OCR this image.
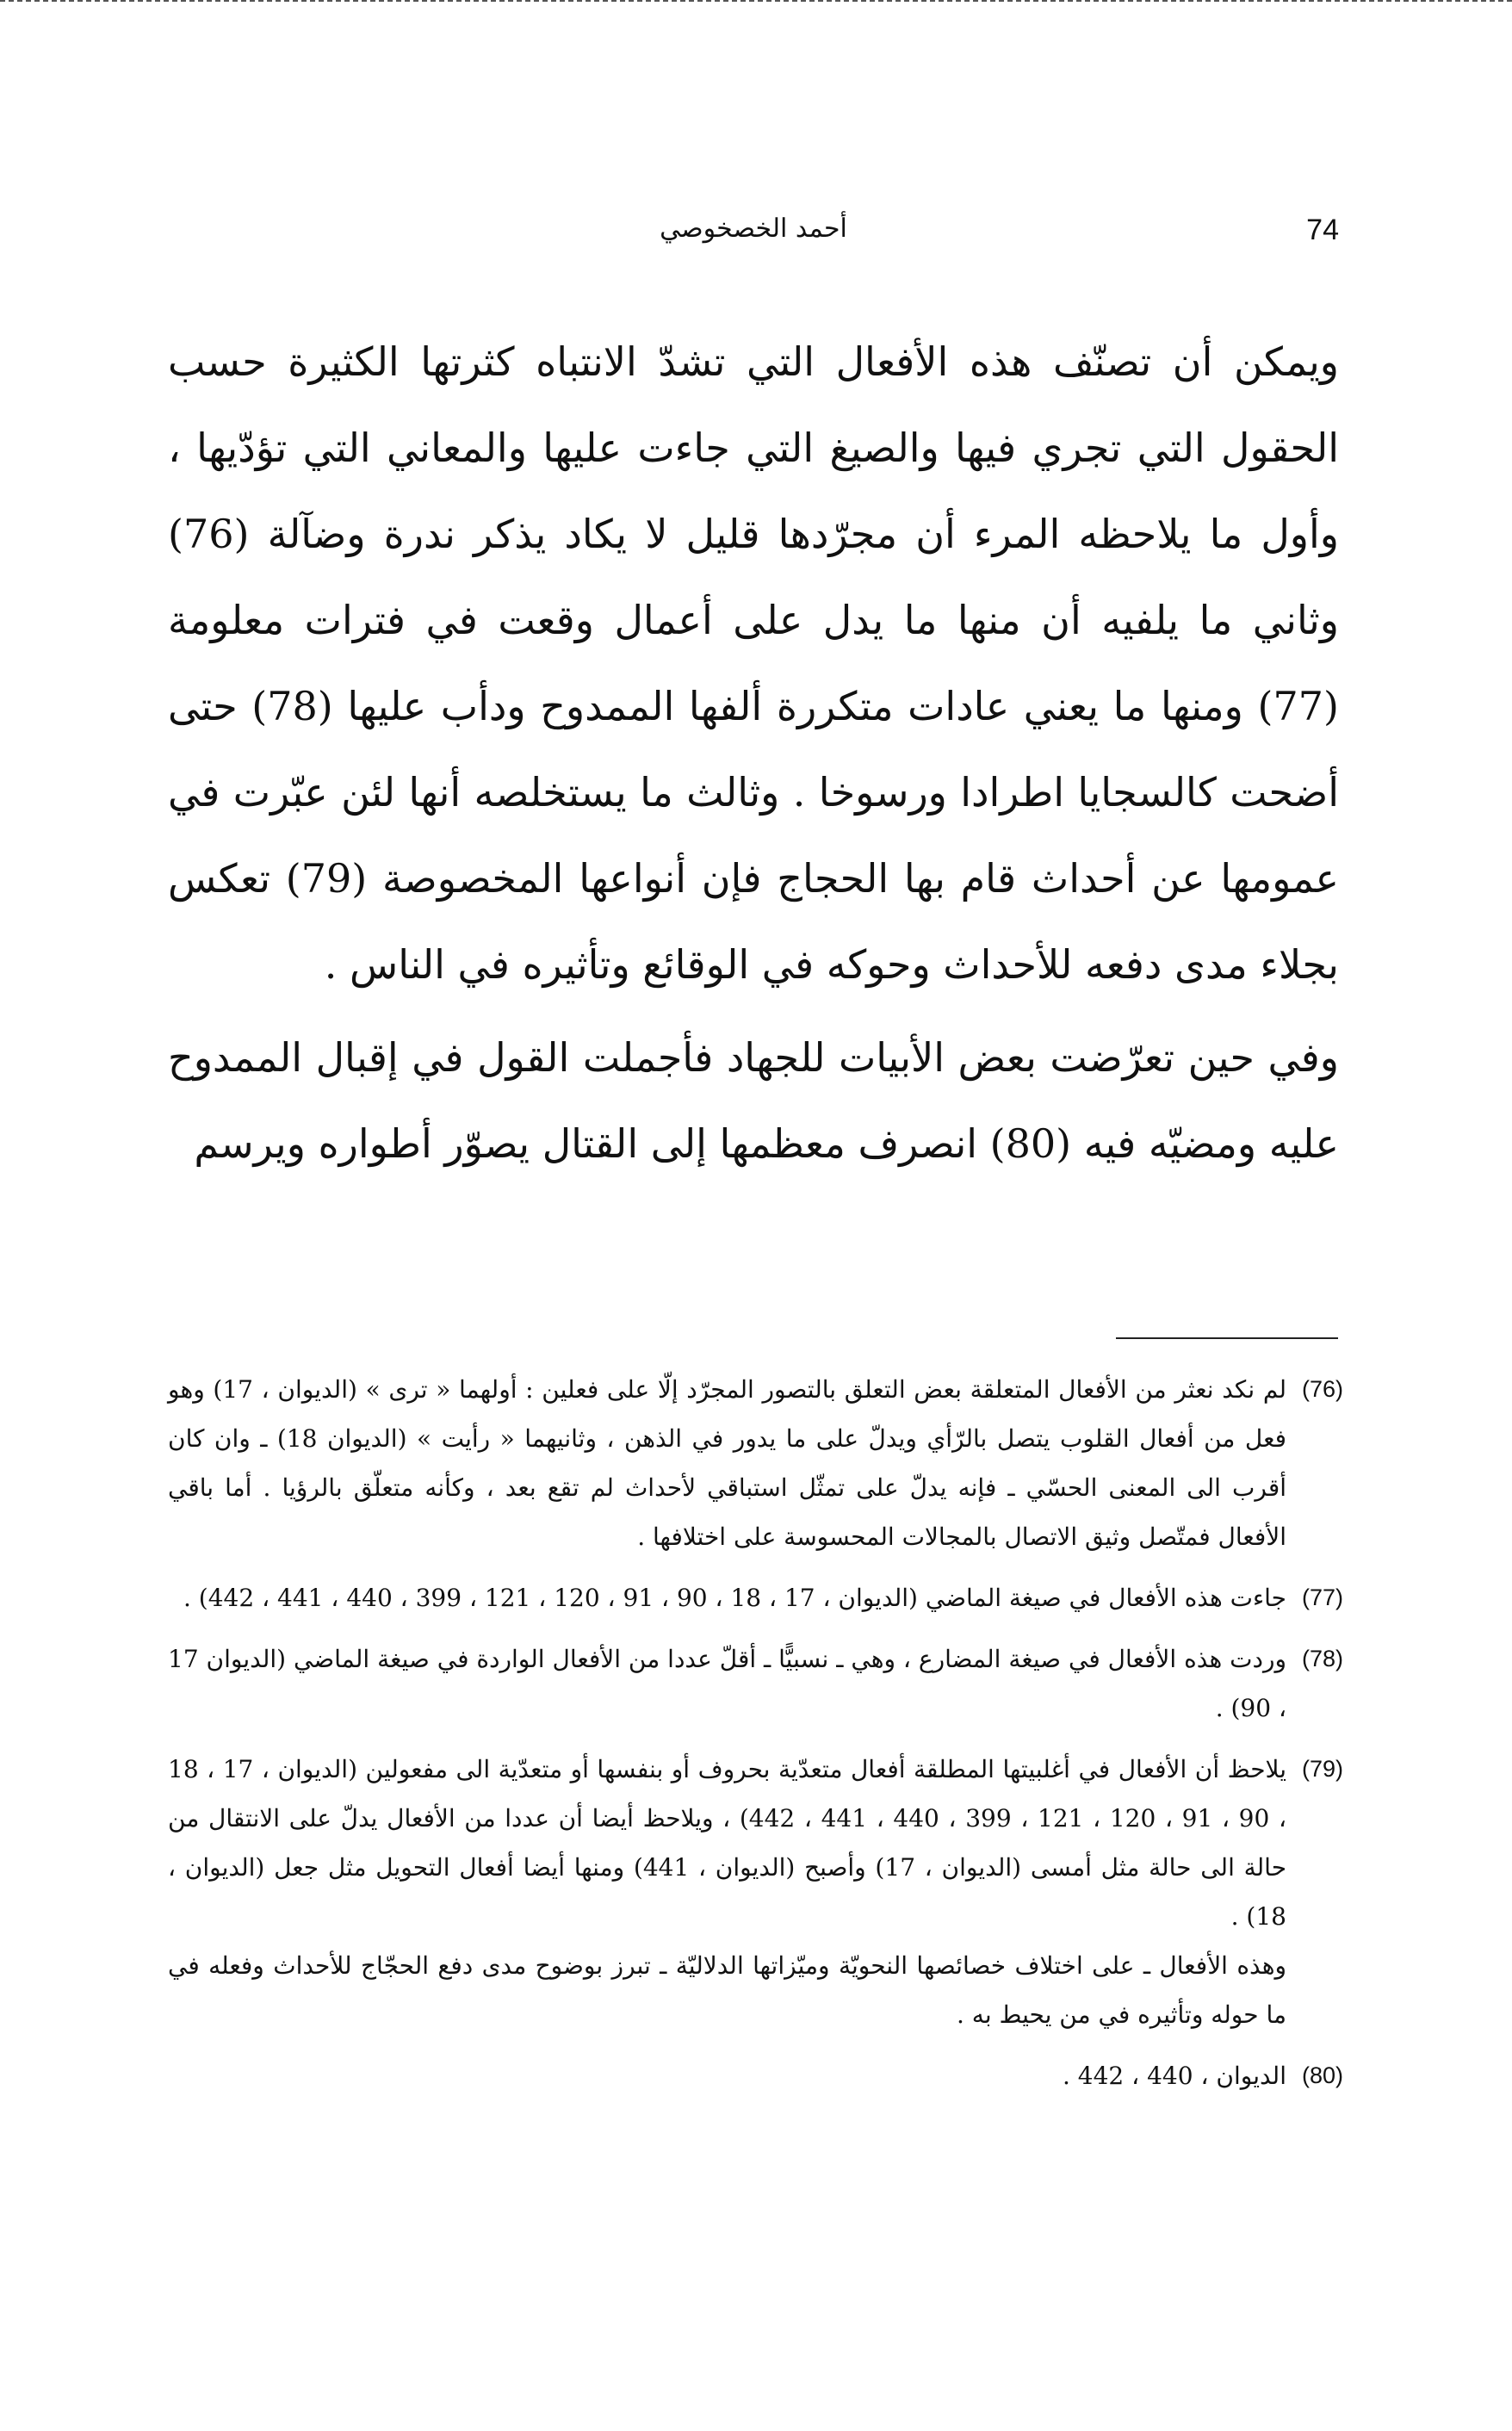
أحمد الخصخوصي	74

ويمكن أن تصنّف هذه الأفعال التي تشدّ الانتباه كثرتها الكثيرة حسب الحقول التي تجري فيها والصيغ التي جاءت عليها والمعاني التي تؤدّيها ، وأول ما يلاحظه المرء أن مجرّدها قليل لا يكاد يذكر ندرة وضآلة (76) وثاني ما يلفيه أن منها ما يدل على أعمال وقعت في فترات معلومة (77) ومنها ما يعني عادات متكررة ألفها الممدوح ودأب عليها (78) حتى أضحت كالسجايا اطرادا ورسوخا . وثالث ما يستخلصه أنها لئن عبّرت في عمومها عن أحداث قام بها الحجاج فإن أنواعها المخصوصة (79) تعكس بجلاء مدى دفعه للأحداث وحوكه في الوقائع وتأثيره في الناس .

وفي حين تعرّضت بعض الأبيات للجهاد فأجملت القول في إقبال الممدوح عليه ومضيّه فيه (80) انصرف معظمها إلى القتال يصوّر أطواره ويرسم

(76)

لم نكد نعثر من الأفعال المتعلقة بعض التعلق بالتصور المجرّد إلّا على فعلين : أولهما « ترى » (الديوان ، 17) وهو فعل من أفعال القلوب يتصل بالرّأي ويدلّ على ما يدور في الذهن ، وثانيهما « رأيت » (الديوان 18) ـ وان كان أقرب الى المعنى الحسّي ـ فإنه يدلّ على تمثّل استباقي لأحداث لم تقع بعد ، وكأنه متعلّق بالرؤيا . أما باقي الأفعال فمتّصل وثيق الاتصال بالمجالات المحسوسة على اختلافها .

(77)

جاءت هذه الأفعال في صيغة الماضي (الديوان ، 17 ، 18 ، 90 ، 91 ، 120 ، 121 ، 399 ، 440 ، 441 ، 442) .

(78)

وردت هذه الأفعال في صيغة المضارع ، وهي ـ نسبيًّا ـ أقلّ عددا من الأفعال الواردة في صيغة الماضي (الديوان 17 ، 90) .

(79)

يلاحظ أن الأفعال في أغلبيتها المطلقة أفعال متعدّية بحروف أو بنفسها أو متعدّية الى مفعولين (الديوان ، 17 ، 18 ، 90 ، 91 ، 120 ، 121 ، 399 ، 440 ، 441 ، 442) ، ويلاحظ أيضا أن عددا من الأفعال يدلّ على الانتقال من حالة الى حالة مثل أمسى (الديوان ، 17) وأصبح (الديوان ، 441) ومنها أيضا أفعال التحويل مثل جعل (الديوان ، 18) .

وهذه الأفعال ـ على اختلاف خصائصها النحويّة وميّزاتها الدلاليّة ـ تبرز بوضوح مدى دفع الحجّاج للأحداث وفعله في ما حوله وتأثيره في من يحيط به .

(80)

الديوان ، 440 ، 442 .
